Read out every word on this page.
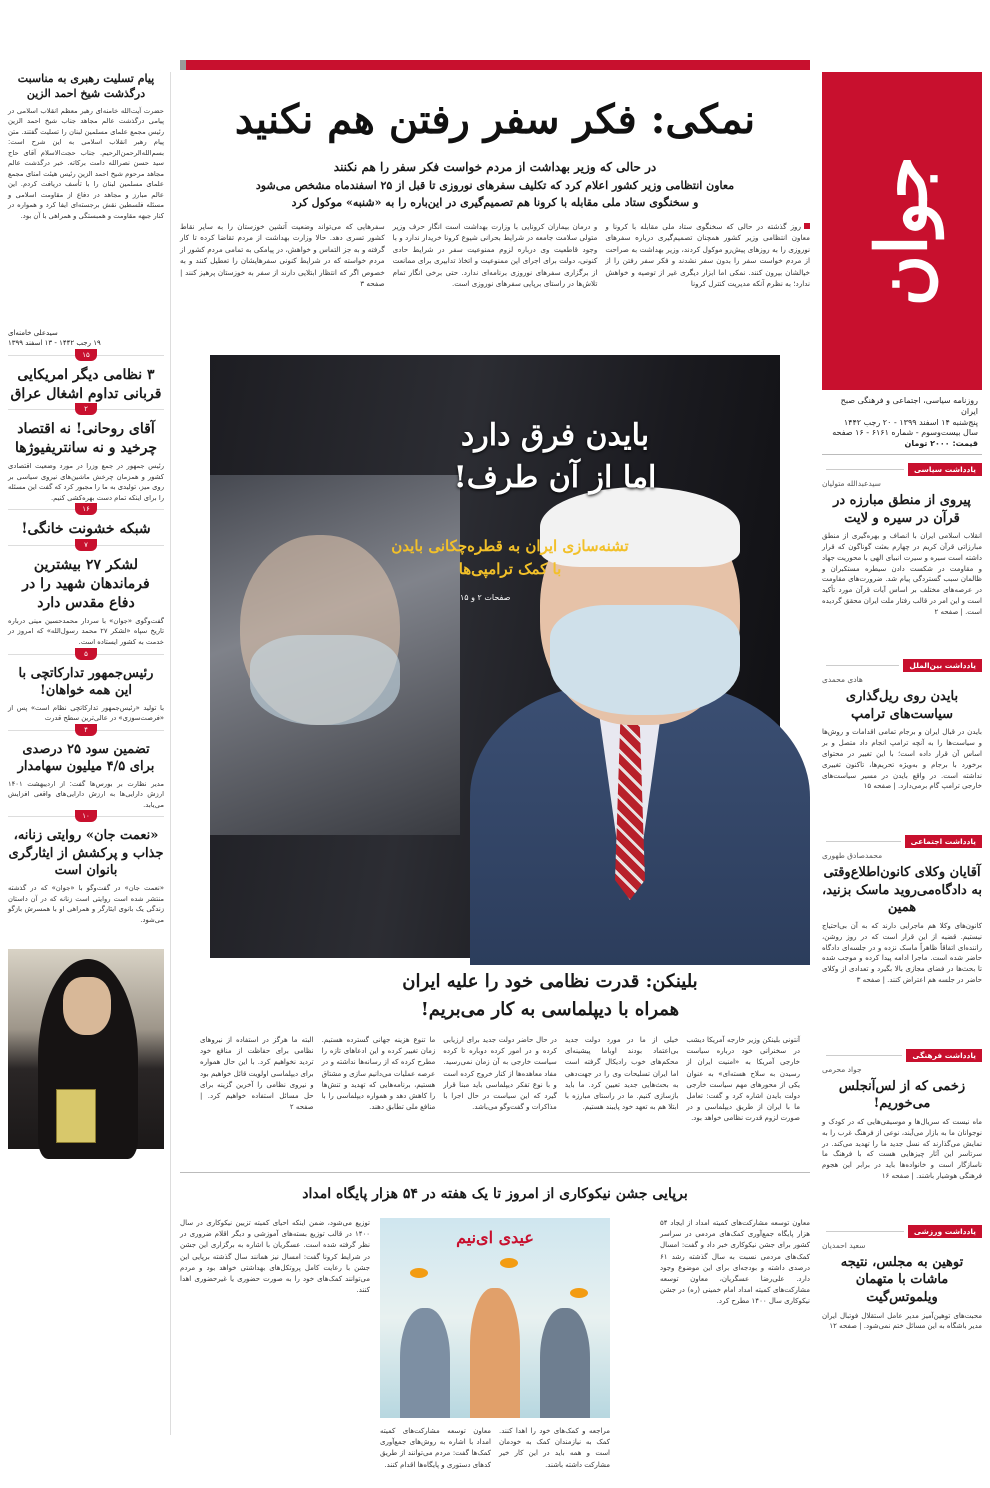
جوان
روزنامه سیاسی، اجتماعی و فرهنگی صبح ایران
پنج‌شنبه ۱۴ اسفند ۱۳۹۹ - ۲۰ رجب ۱۴۴۲
سال بیست‌وسوم - شماره ۶۱۶۱ - ۱۶ صفحه
قیمت: ۲۰۰۰ تومان
یادداشت سیاسی
سید‌عبدالله متولیان
پیروی از منطق مبارزه در قرآن در سیره و لایت
انقلاب اسلامی ایران با انصاف و بهره‌گیری از منطق مبارزاتی قرآن کریم در چهارم بعثت گوناگون که قرار داشته است سیره و سیرت انبیای الهی با محوریت جهاد و مقاومت در شکست دادن سیطره مستکبران و ظالمان سبب گستردگی پیام شد. ضرورت‌های مقاومت در عرصه‌های مختلف بر اساس آیات قرآن مورد تأکید است و این امر در قالب رفتار ملت ایران محقق گردیده است. | صفحه ۲
یادداشت بین‌الملل
هادی محمدی
بایدن روی ریل‌گذاری سیاست‌های ترامپ
بایدن در قبال ایران و برجام تمامی اقدامات و روش‌ها و سیاست‌ها را به آنچه ترامپ انجام داد متصل و بر اساس آن قرار داده است؛ با این تغییر در محتوای برخورد با برجام و به‌ویژه تحریم‌ها، تاکنون تغییری نداشته است. در واقع بایدن در مسیر سیاست‌های خارجی ترامپ گام برمی‌دارد. | صفحه ۱۵
یادداشت اجتماعی
محمد‌صادق طهوری
آقایان وکلای کانون‌اطلاع‌وقتی به دادگاه‌می‌روید ماسک بزنید، همین
کانون‌های وکلا هم ماجرایی دارند که به آن بی‌احتیاج نیستیم. قضیه از این قرار است که در روز روشن، راننده‌ای اتفاقاً ظاهراً ماسک نزده و در جلسه‌ای دادگاه حاضر شده است. ماجرا ادامه پیدا کرده و موجب شده تا بحث‌ها در فضای مجازی بالا بگیرد و تعدادی از وکلای حاضر در جلسه هم اعتراض کنند. | صفحه ۳
یادداشت فرهنگی
جواد محرمی
زخمی که از لس‌آنجلس می‌خوریم!
ماه نیست که سریال‌ها و موسیقی‌هایی که در کودک و نوجوانان ما به بازار می‌آیند، نوعی از فرهنگ غرب را به نمایش می‌گذارند که نسل جدید ما را تهدید می‌کند. در سرتاسر این آثار چیزهایی هست که با فرهنگ ما ناسازگار است و خانواده‌ها باید در برابر این هجوم فرهنگی هوشیار باشند. | صفحه ۱۶
یادداشت ورزشی
سعید احمدیان
توهین به مجلس، نتیجه ماشات با متهمان ویلموتس‌گیت
محبت‌های توهین‌آمیز مدیر عامل استقلال فوتبال ایران مدیر باشگاه به این مسائل ختم نمی‌شود. | صفحه ۱۲
نمکی: فکر سفر رفتن هم نکنید
در حالی که وزیر بهداشت از مردم خواست فکر سفر را هم نکنند
معاون انتظامی وزیر کشور اعلام کرد که تکلیف سفرهای نوروزی تا قبل از ۲۵ اسفندماه مشخص می‌شود
و سخنگوی ستاد ملی مقابله با کرونا هم تصمیم‌گیری در این‌باره را به «شنبه» موکول کرد
روز گذشته در حالی که سخنگوی ستاد ملی مقابله با کرونا و معاون انتظامی وزیر کشور همچنان تصمیم‌گیری درباره سفرهای نوروزی را به روزهای پیش‌رو موکول کردند، وزیر بهداشت به صراحت از مردم خواست سفر را بدون سفر نشدند و فکر سفر رفتن را از خیالشان بیرون کنند. نمکی اما ابزار دیگری غیر از توصیه و خواهش ندارد؛ به نظرم آنکه مدیریت کنترل کرونا
و درمان بیماران کرونایی با وزارت بهداشت است انگار حرف وزیر متولی سلامت جامعه در شرایط بحرانی شیوع کرونا خریدار ندارد و با وجود قاطعیت وی درباره لزوم ممنوعیت سفر در شرایط حادی کنونی، دولت برای اجرای این ممنوعیت و اتخاذ تدابیری برای ممانعت از برگزاری سفرهای نوروزی برنامه‌ای ندارد. حتی برخی انگار تمام تلاش‌ها در راستای برپایی سفرهای نوروزی است.
سفرهایی که می‌تواند وضعیت آتشین خوزستان را به سایر نقاط کشور تسری دهد. حالا وزارت بهداشت از مردم تقاضا کرده تا کار گرفته و به جز التماس و خواهش، در پیامکی به تمامی مردم کشور از مردم خواسته که در شرایط کنونی سفرهایشان را تعطیل کنند و به خصوص اگر که انتظار ابتلایی دارند از سفر به خوزستان پرهیز کنند | صفحه ۳
بایدن فرق دارد
اما از آن طرف!
تشنه‌سازی ایران به قطره‌چکانی بایدن
با کمک ترامپی‌ها
صفحات ۲ و ۱۵
بلینکن: قدرت نظامی خود را علیه ایران
همراه با دیپلماسی به کار می‌بریم!
آنتونی بلینکن وزیر خارجه آمریکا دیشب در سخنرانی خود درباره سیاست خارجی آمریکا به «امنیت ایران از رسیدن به سلاح هسته‌ای» به عنوان یکی از محورهای مهم سیاست خارجی دولت بایدن اشاره کرد و گفت: تعامل ما با ایران از طریق دیپلماسی و در صورت لزوم قدرت نظامی خواهد بود.
خیلی از ما در مورد دولت جدید بی‌اعتماد بودند اوباما پیشینه‌ای محکم‌های خوب رادیکال گرفته است اما ایران تسلیحات وی را در جهت‌دهی به بحث‌هایی جدید تعیین کرد. ما باید بازسازی کنیم. ما در راستای مبارزه با ابتلا هم به تعهد خود پایبند هستیم.
در حال حاضر دولت جدید برای ارزیابی کرده و در امور کرده دوباره تا کرده سیاست خارجی به آن زمان نمی‌رسید. مفاد معاهده‌ها از کنار خروج کرده است و با نوع تفکر دیپلماسی باید مبنا قرار گیرد که این سیاست در حال اجرا با مذاکرات و گفت‌وگو می‌باشد.
ما تنوع هزینه جهانی گسترده هستیم. زمان تغییر کرده و این ادعاهای تازه را مطرح کرده که از رسانه‌ها نداشته و در عرصه عملیات می‌دانیم سازی و مشتاق هستیم، برنامه‌هایی که تهدید و تنش‌ها را کاهش دهد و همواره دیپلماسی را با منافع ملی تطابق دهند.
البته ما هرگز در استفاده از نیروهای نظامی برای حفاظت از منافع خود تردید نخواهیم کرد. با این حال همواره برای دیپلماسی اولویت قائل خواهیم بود و نیروی نظامی را آخرین گزینه برای حل مسائل استفاده خواهیم کرد. | صفحه ۲
برپایی جشن نیکوکاری از امروز تا یک هفته در ۵۴ هزار پایگاه امداد
معاون توسعه مشارکت‌های کمیته امداد از ایجاد ۵۴ هزار پایگاه جمع‌آوری کمک‌های مردمی در سراسر کشور برای جشن نیکوکاری خبر داد و گفت: امسال کمک‌های مردمی نسبت به سال گذشته رشد ۶۱ درصدی داشته و بودجه‌ای برای این موضوع وجود دارد. علی‌رضا عسگریان، معاون توسعه مشارکت‌های کمیته امداد امام خمینی (ره) در جشن نیکوکاری سال ۱۴۰۰ مطرح کرد.
عیدی ای‌نیم
مراجعه و کمک‌های خود را اهدا کنند. کمک به نیازمندان کمک به خودمان است و همه باید در این کار خیر مشارکت داشته باشند.
معاون توسعه مشارکت‌های کمیته امداد با اشاره به روش‌های جمع‌آوری کمک‌ها گفت: مردم می‌توانند از طریق کدهای دستوری و پایگاه‌ها اقدام کنند.
توزیع می‌شود، ضمن اینکه احیای کمیته تزیین نیکوکاری در سال ۱۴۰۰ در قالب توزیع بسته‌های آموزشی و دیگر اقلام ضروری در نظر گرفته شده است. عسگریان با اشاره به برگزاری این جشن در شرایط کرونا گفت: امسال نیز همانند سال گذشته برپایی این جشن با رعایت کامل پروتکل‌های بهداشتی خواهد بود و مردم می‌توانند کمک‌های خود را به صورت حضوری یا غیرحضوری اهدا کنند.
پیام تسلیت رهبری به مناسبت
درگذشت شیخ احمد الزین
حضرت آیت‌الله خامنه‌ای رهبر معظم انقلاب اسلامی در پیامی درگذشت عالم مجاهد جناب شیخ احمد الزین رئیس مجمع علمای مسلمین لبنان را تسلیت گفتند. متن پیام رهبر انقلاب اسلامی به این شرح است: بسم‌الله‌الرحمن‌الرحیم. جناب حجت‌الاسلام آقای حاج سید حسن نصرالله دامت برکاته. خبر درگذشت عالم مجاهد مرحوم شیخ احمد الزین رئیس هیئت امنای مجمع علمای مسلمین لبنان را با تأسف دریافت کردم. این عالم مبارز و مجاهد در دفاع از مقاومت اسلامی و مسئله فلسطین نقش برجسته‌ای ایفا کرد و همواره در کنار جبهه مقاومت و همبستگی و همراهی با آن بود.
سیدعلی خامنه‌ای
۱۹ رجب ۱۴۴۲ - ۱۳ اسفند ۱۳۹۹
۱۵
۳ نظامی دیگر امریکایی قربانی تداوم اشغال عراق
۲
آقای روحانی! نه اقتصاد چرخید و نه سانتریفیوژها
رئیس جمهور در جمع وزرا در مورد وضعیت اقتصادی کشور و همزمان چرخش ماشین‌های نیروی سیاسی بر روی میز، تولیدی به ما را مجبور کرد که گفت این مسئله را برای اینکه تمام دست بهره‌کشی کنیم.
۱۶
شبکه خشونت خانگی!
۷
لشکر ۲۷ بیشترین فرماندهان شهید را در دفاع مقدس دارد
گفت‌وگوی «جوان» با سردار محمدحسین مینی درباره تاریخ سپاه «لشکر ۲۷ محمد رسول‌الله» که امروز در خدمت به کشور ایستاده است.
۵
رئیس‌جمهور تدارکاتچی با این همه خواهان!
با تولید «رئیس‌جمهور تدارکاتچی نظام است» پس از «فرصت‌سوزی» در عالی‌ترین سطح قدرت
۴
تضمین سود ۲۵ درصدی برای ۴/۵ میلیون سهامدار
مدیر نظارت بر بورس‌ها گفت: از اردیبهشت ۱۴۰۱ ارزش دارایی‌ها به ارزش دارایی‌های واقعی افزایش می‌یابد.
۱۰
«نعمت جان» روایتی زنانه، جذاب و پرکشش از ایثارگری بانوان است
«نعمت جان» در گفت‌وگو با «جوان» که در گذشته منتشر شده است روایتی است زنانه که در آن داستان زندگی یک بانوی ایثارگر و همراهی او با همسرش بازگو می‌شود.
